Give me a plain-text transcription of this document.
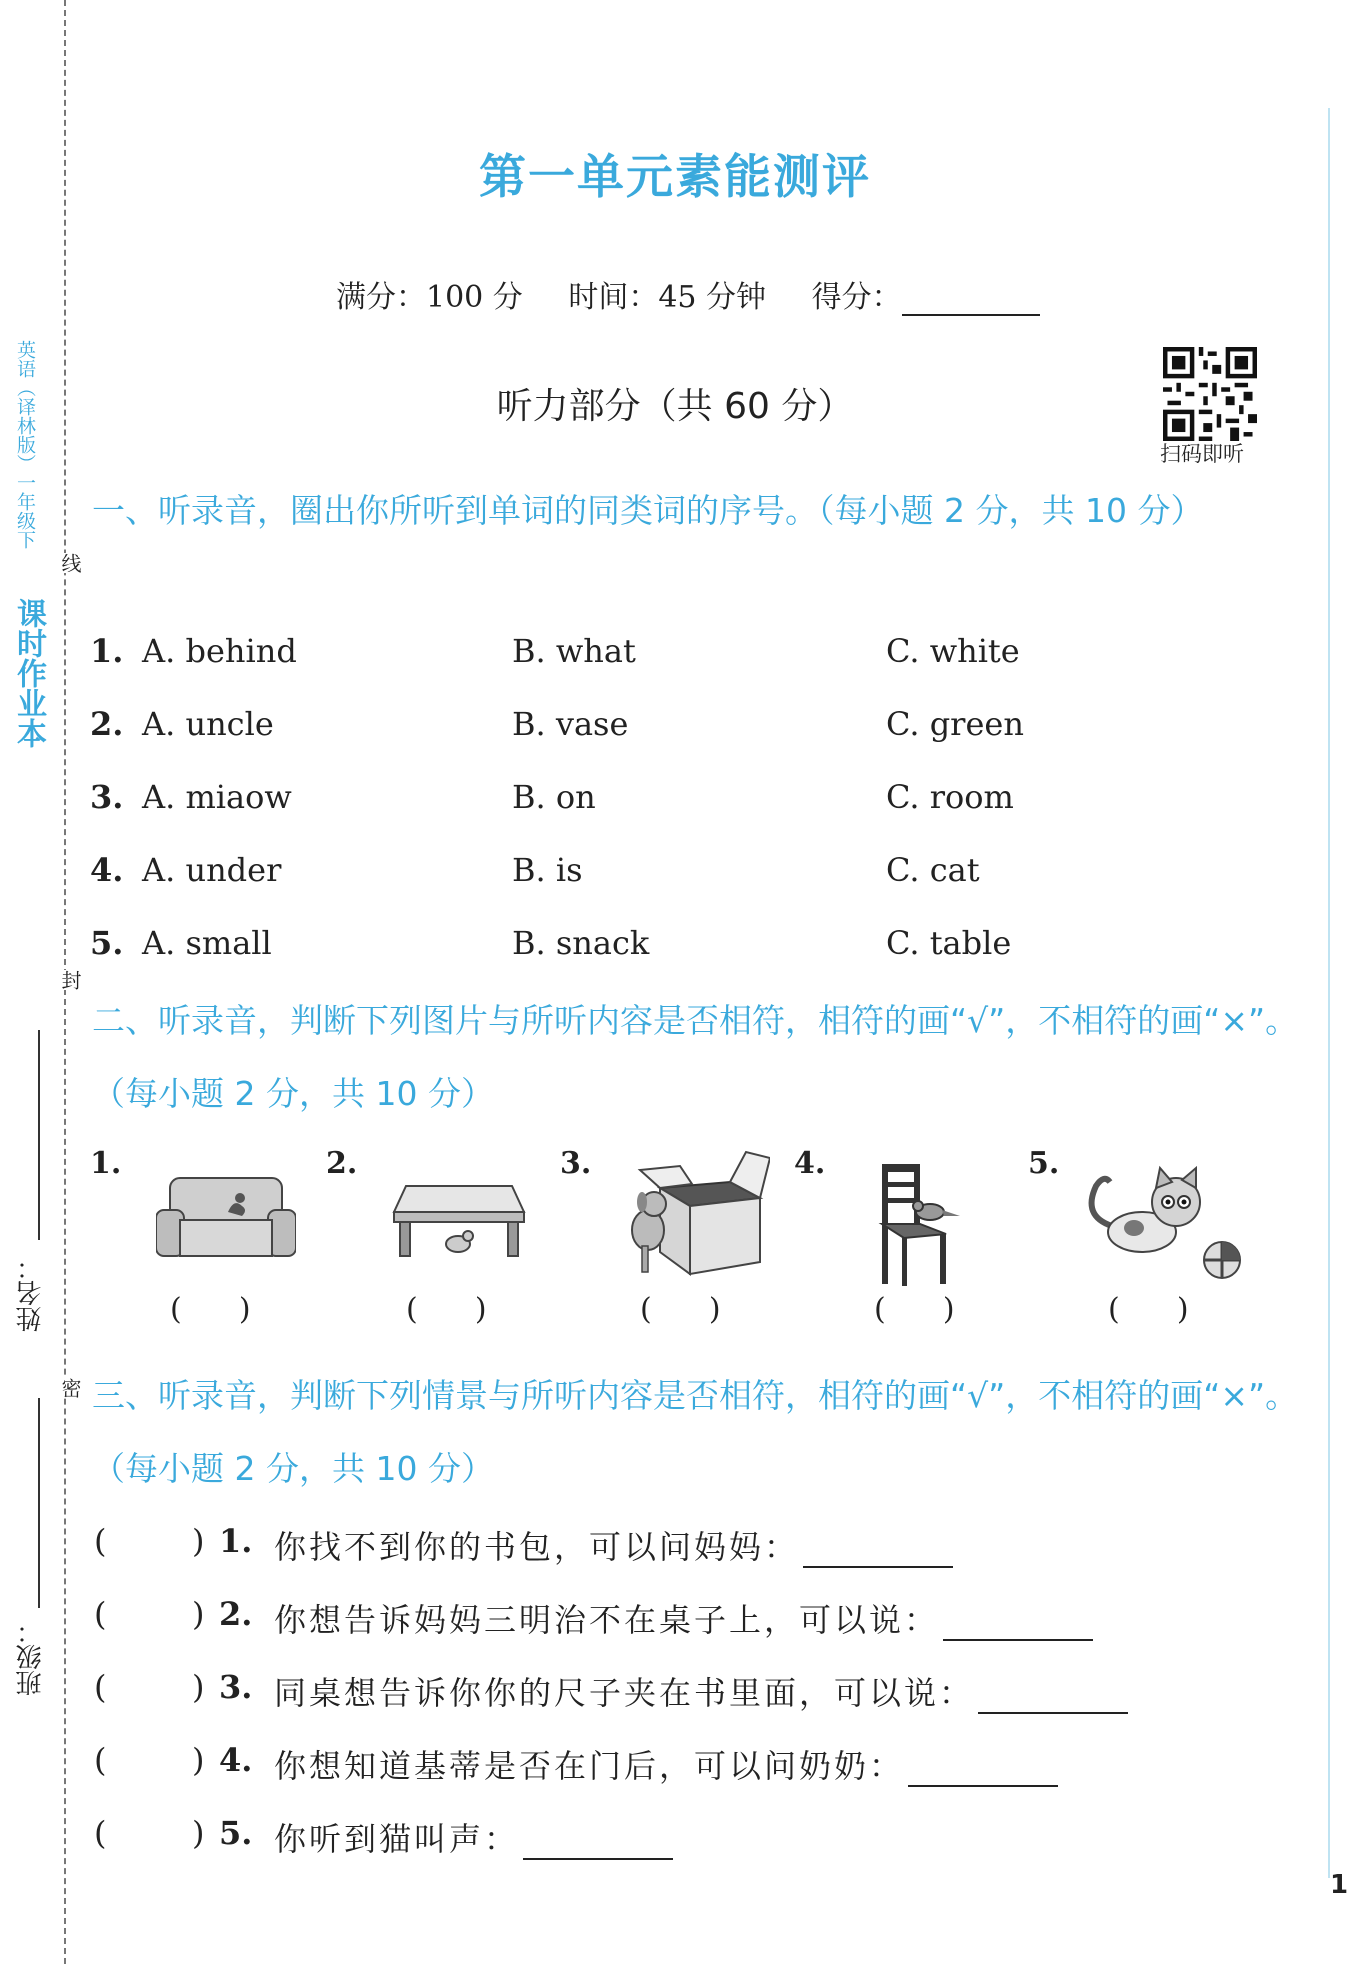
课时作业本
英语（译林版）一年级下
线
封
密
姓名：
班级：
第一单元素能测评
满分：100 分 时间：45 分钟 得分：
听力部分（共 60 分）
扫码即听
一、听录音，圈出你所听到单词的同类词的序号。（每小题 2 分，共 10 分）
1. A. behind	B. what	C. white
2. A. uncle	B. vase	C. green
3. A. miaow	B. on	C. room
4. A. under	B. is	C. cat
5. A. small	B. snack	C. table
二、听录音，判断下列图片与所听内容是否相符，相符的画“√”，不相符的画“×”。（每小题 2 分，共 10 分）
1.
(      )
2.
(      )
3.
(      )
4.
(      )
5.
(      )
三、听录音，判断下列情景与所听内容是否相符，相符的画“√”，不相符的画“×”。（每小题 2 分，共 10 分）
(	) 1. 你找不到你的书包，可以问妈妈：
(	) 2. 你想告诉妈妈三明治不在桌子上，可以说：
(	) 3. 同桌想告诉你你的尺子夹在书里面，可以说：
(	) 4. 你想知道基蒂是否在门后，可以问奶奶：
(	) 5. 你听到猫叫声：
1
